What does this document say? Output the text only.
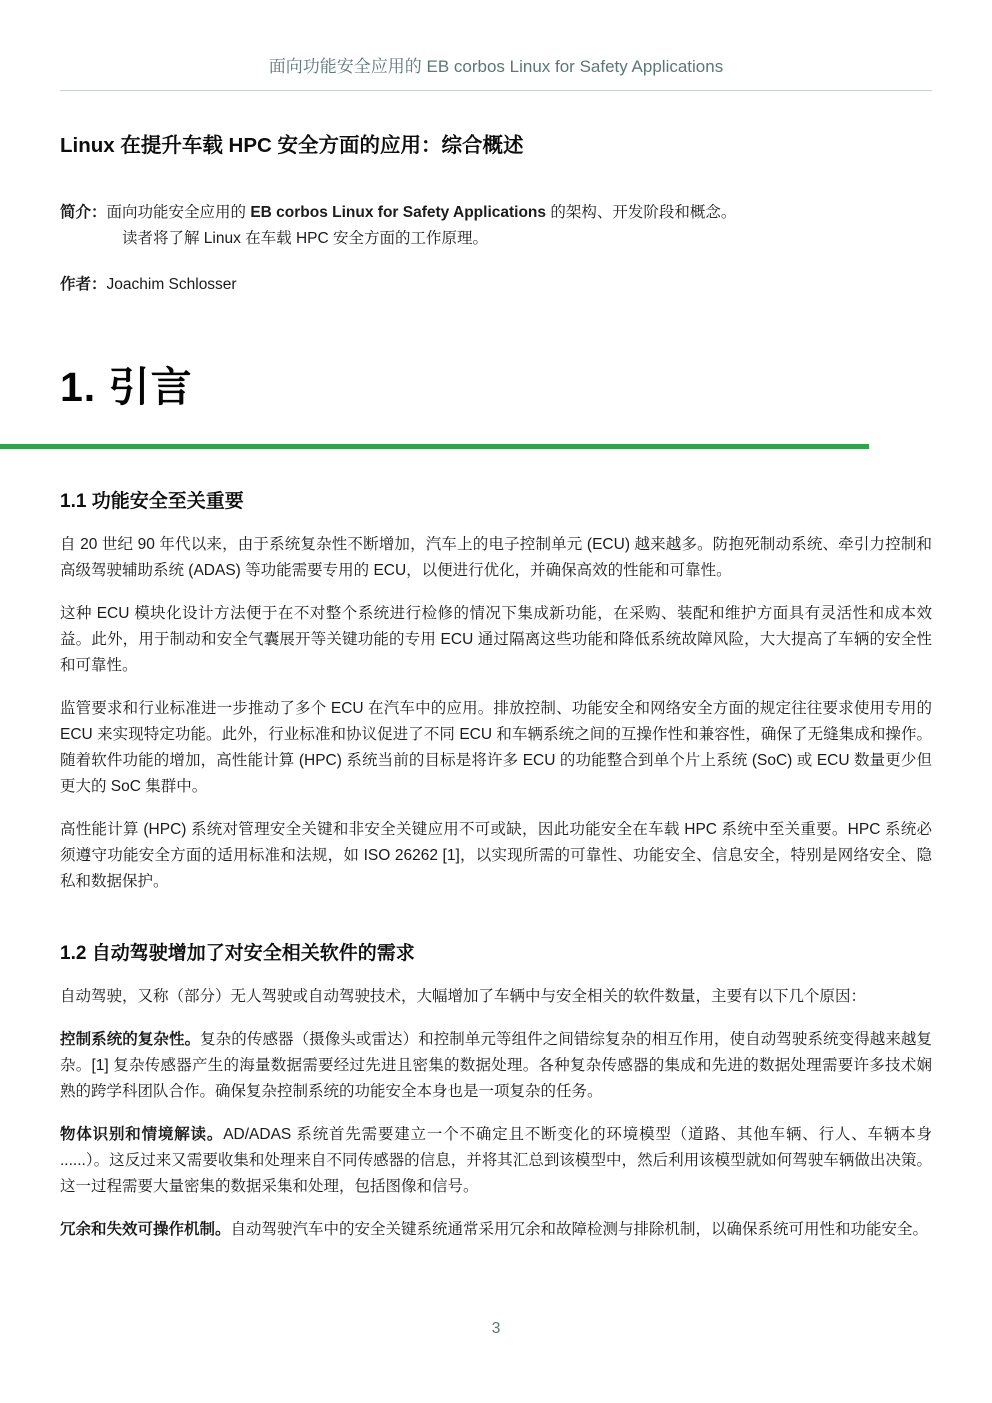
面向功能安全应用的 EB corbos Linux for Safety Applications
Linux 在提升车载 HPC 安全方面的应用：综合概述
简介：面向功能安全应用的 EB corbos Linux for Safety Applications 的架构、开发阶段和概念。
读者将了解 Linux 在车载 HPC 安全方面的工作原理。
作者：Joachim Schlosser
1. 引言
1.1 功能安全至关重要

自 20 世纪 90 年代以来，由于系统复杂性不断增加，汽车上的电子控制单元 (ECU) 越来越多。防抱死制动系统、牵引力控制和高级驾驶辅助系统 (ADAS) 等功能需要专用的 ECU，以便进行优化，并确保高效的性能和可靠性。

这种 ECU 模块化设计方法便于在不对整个系统进行检修的情况下集成新功能，在采购、装配和维护方面具有灵活性和成本效益。此外，用于制动和安全气囊展开等关键功能的专用 ECU 通过隔离这些功能和降低系统故障风险，大大提高了车辆的安全性和可靠性。

监管要求和行业标准进一步推动了多个 ECU 在汽车中的应用。排放控制、功能安全和网络安全方面的规定往往要求使用专用的 ECU 来实现特定功能。此外，行业标准和协议促进了不同 ECU 和车辆系统之间的互操作性和兼容性，确保了无缝集成和操作。随着软件功能的增加，高性能计算 (HPC) 系统当前的目标是将许多 ECU 的功能整合到单个片上系统 (SoC) 或 ECU 数量更少但更大的 SoC 集群中。

高性能计算 (HPC) 系统对管理安全关键和非安全关键应用不可或缺，因此功能安全在车载 HPC 系统中至关重要。HPC 系统必须遵守功能安全方面的适用标准和法规，如 ISO 26262 [1]，以实现所需的可靠性、功能安全、信息安全，特别是网络安全、隐私和数据保护。

1.2 自动驾驶增加了对安全相关软件的需求

自动驾驶，又称（部分）无人驾驶或自动驾驶技术，大幅增加了车辆中与安全相关的软件数量，主要有以下几个原因：

控制系统的复杂性。复杂的传感器（摄像头或雷达）和控制单元等组件之间错综复杂的相互作用，使自动驾驶系统变得越来越复杂。[1] 复杂传感器产生的海量数据需要经过先进且密集的数据处理。各种复杂传感器的集成和先进的数据处理需要许多技术娴熟的跨学科团队合作。确保复杂控制系统的功能安全本身也是一项复杂的任务。

物体识别和情境解读。AD/ADAS 系统首先需要建立一个不确定且不断变化的环境模型（道路、其他车辆、行人、车辆本身 ......）。这反过来又需要收集和处理来自不同传感器的信息，并将其汇总到该模型中，然后利用该模型就如何驾驶车辆做出决策。这一过程需要大量密集的数据采集和处理，包括图像和信号。

冗余和失效可操作机制。自动驾驶汽车中的安全关键系统通常采用冗余和故障检测与排除机制，以确保系统可用性和功能安全。

3
